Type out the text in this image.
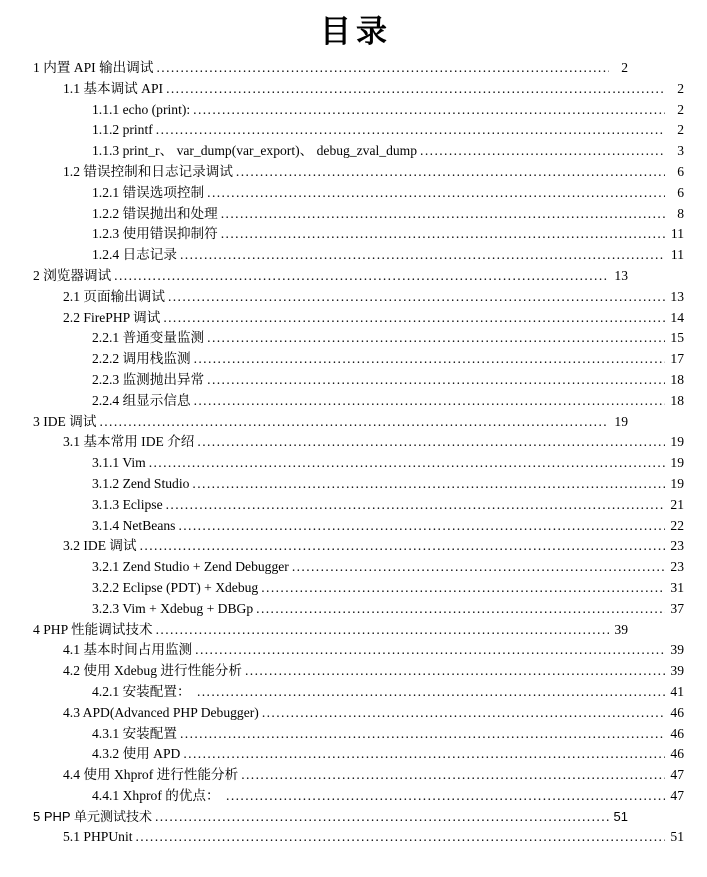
目录
1 内置 API 输出调试 .....	2
1.1 基本调试 API .....	2
1.1.1 echo (print): .....	2
1.1.2 printf .....	2
1.1.3 print_r、 var_dump(var_export)、 debug_zval_dump .....	3
1.2 错误控制和日志记录调试 .....	6
1.2.1 错误选项控制 .....	6
1.2.2 错误抛出和处理 .....	8
1.2.3 使用错误抑制符 .....	11
1.2.4 日志记录 .....	11
2 浏览器调试 .....	13
2.1 页面输出调试 .....	13
2.2 FirePHP 调试 .....	14
2.2.1 普通变量监测 .....	15
2.2.2 调用栈监测 .....	17
2.2.3 监测抛出异常 .....	18
2.2.4 组显示信息 .....	18
3 IDE 调试 .....	19
3.1 基本常用 IDE 介绍 .....	19
3.1.1 Vim .....	19
3.1.2 Zend Studio .....	19
3.1.3 Eclipse .....	21
3.1.4 NetBeans .....	22
3.2 IDE 调试 .....	23
3.2.1 Zend Studio + Zend Debugger .....	23
3.2.2 Eclipse (PDT) + Xdebug .....	31
3.2.3 Vim + Xdebug + DBGp .....	37
4 PHP 性能调试技术 .....	39
4.1 基本时间占用监测 .....	39
4.2 使用 Xdebug 进行性能分析 .....	39
4.2.1 安装配置： .....	41
4.3 APD(Advanced PHP Debugger) .....	46
4.3.1 安装配置 .....	46
4.3.2 使用 APD .....	46
4.4 使用 Xhprof 进行性能分析 .....	47
4.4.1 Xhprof 的优点： .....	47
5 PHP 单元测试技术 .....	51
5.1 PHPUnit .....	51
